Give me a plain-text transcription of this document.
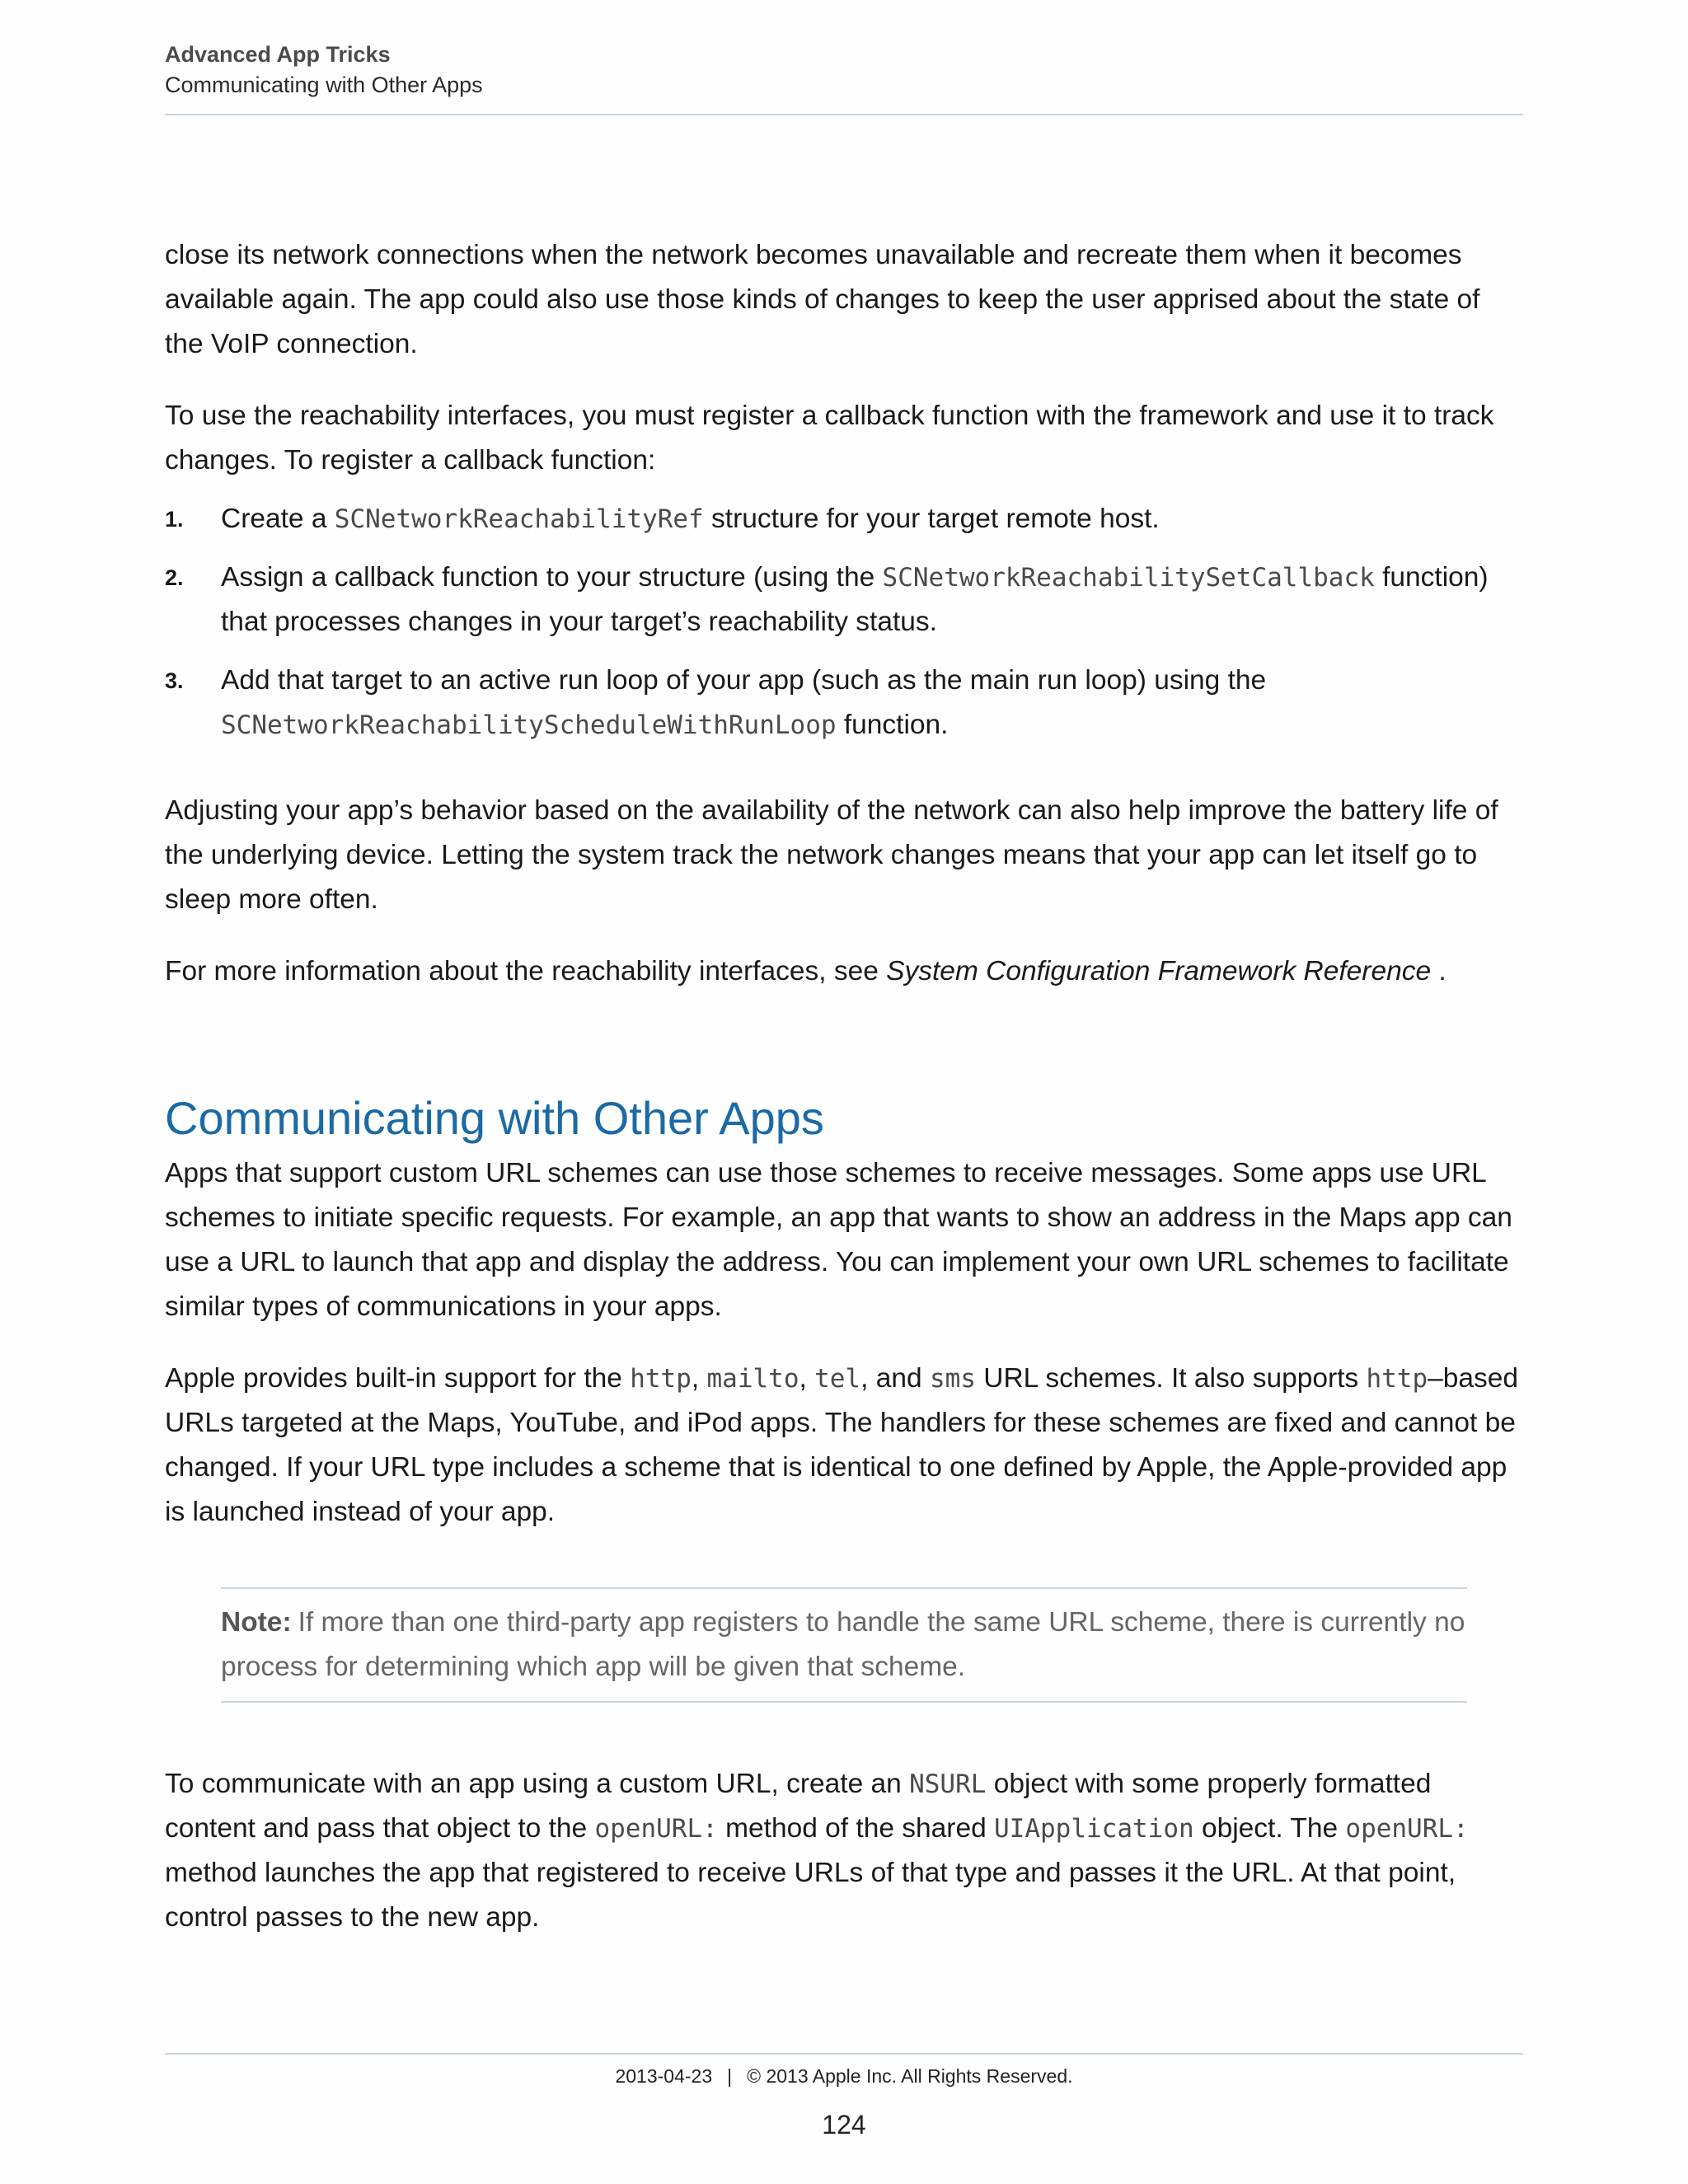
Advanced App Tricks
Communicating with Other Apps

close its network connections when the network becomes unavailable and recreate them when it becomes available again. The app could also use those kinds of changes to keep the user apprised about the state of the VoIP connection.

To use the reachability interfaces, you must register a callback function with the framework and use it to track changes. To register a callback function:

1. Create a SCNetworkReachabilityRef structure for your target remote host.
2. Assign a callback function to your structure (using the SCNetworkReachabilitySetCallback function) that processes changes in your target’s reachability status.
3. Add that target to an active run loop of your app (such as the main run loop) using the SCNetworkReachabilityScheduleWithRunLoop function.

Adjusting your app’s behavior based on the availability of the network can also help improve the battery life of the underlying device. Letting the system track the network changes means that your app can let itself go to sleep more often.

For more information about the reachability interfaces, see System Configuration Framework Reference .

Communicating with Other Apps

Apps that support custom URL schemes can use those schemes to receive messages. Some apps use URL schemes to initiate specific requests. For example, an app that wants to show an address in the Maps app can use a URL to launch that app and display the address. You can implement your own URL schemes to facilitate similar types of communications in your apps.

Apple provides built-in support for the http, mailto, tel, and sms URL schemes. It also supports http–based URLs targeted at the Maps, YouTube, and iPod apps. The handlers for these schemes are fixed and cannot be changed. If your URL type includes a scheme that is identical to one defined by Apple, the Apple-provided app is launched instead of your app.

Note: If more than one third-party app registers to handle the same URL scheme, there is currently no process for determining which app will be given that scheme.

To communicate with an app using a custom URL, create an NSURL object with some properly formatted content and pass that object to the openURL: method of the shared UIApplication object. The openURL: method launches the app that registered to receive URLs of that type and passes it the URL. At that point, control passes to the new app.

2013-04-23 | © 2013 Apple Inc. All Rights Reserved.
124
